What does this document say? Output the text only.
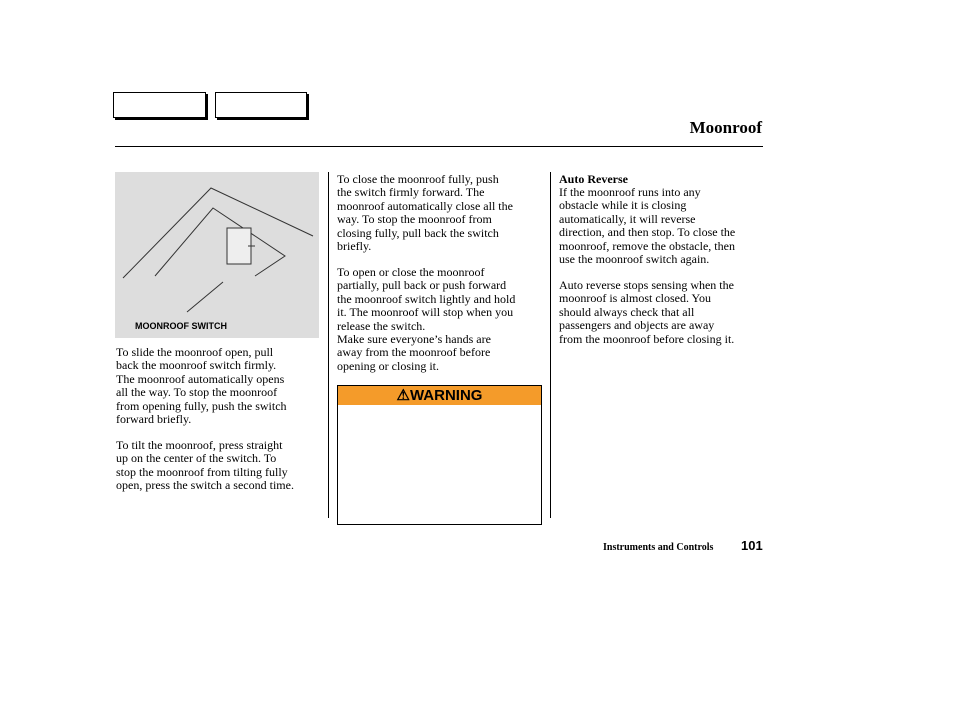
Moonroof
MOONROOF SWITCH
To slide the moonroof open, pull
back the moonroof switch firmly.
The moonroof automatically opens
all the way. To stop the moonroof
from opening fully, push the switch
forward briefly.
To tilt the moonroof, press straight
up on the center of the switch. To
stop the moonroof from tilting fully
open, press the switch a second time.
To close the moonroof fully, push
the switch firmly forward. The
moonroof automatically close all the
way. To stop the moonroof from
closing fully, pull back the switch
briefly.
To open or close the moonroof
partially, pull back or push forward
the moonroof switch lightly and hold
it. The moonroof will stop when you
release the switch.
Make sure everyone’s hands are
away from the moonroof before
opening or closing it.
⚠WARNING
Auto Reverse
If the moonroof runs into any
obstacle while it is closing
automatically, it will reverse
direction, and then stop. To close the
moonroof, remove the obstacle, then
use the moonroof switch again.
Auto reverse stops sensing when the
moonroof is almost closed. You
should always check that all
passengers and objects are away
from the moonroof before closing it.
Instruments and Controls 101
